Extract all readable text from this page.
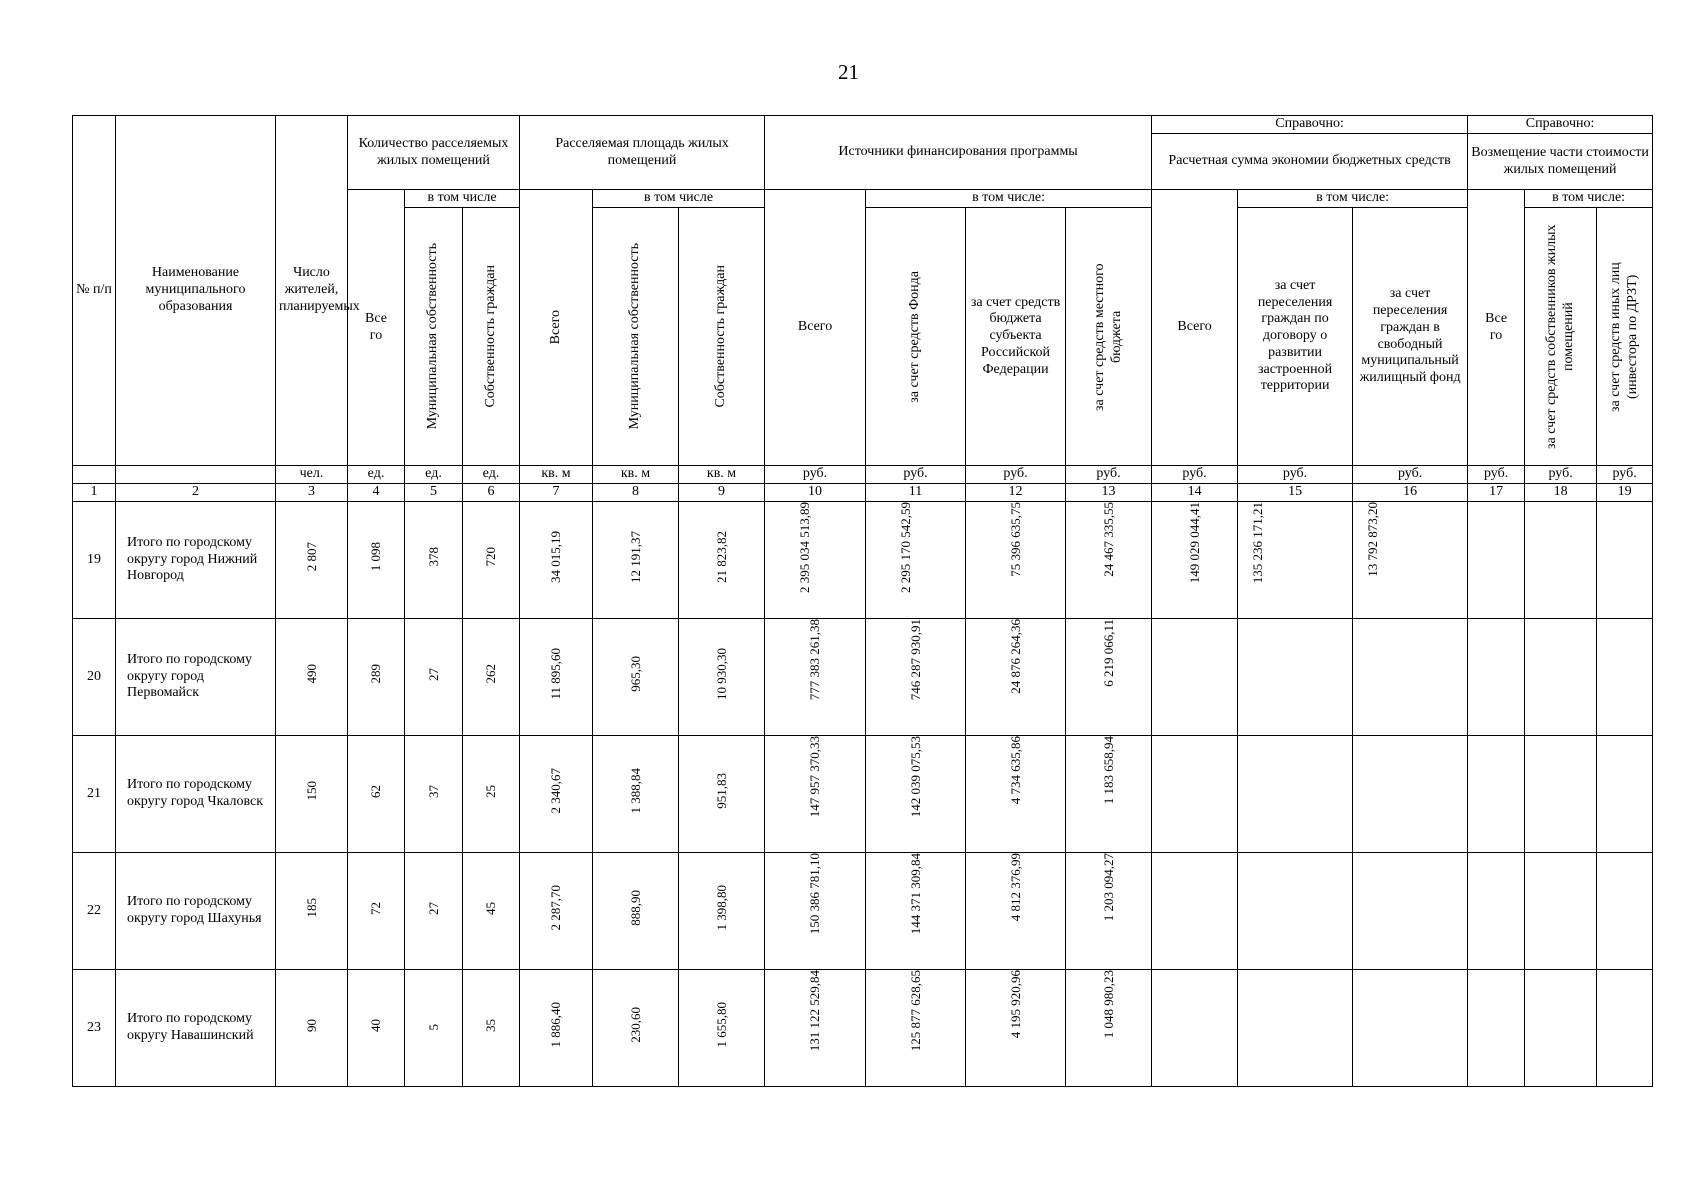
21
№ п/п	Наименование муниципального образования	Число жителей, планируемых	Количество расселяемых жилых помещений			Расселяемая площадь жилых помещений			Источники финансирования программы				Справочно:			Справочно:		
													Расчетная сумма экономии бюджетных средств			Возмещение части стоимости жилых помещений		

			Всего	в том числе		Всего	в том числе		Всего	в том числе:			Всего	в том числе:		Всего	в том числе:	

				Муниципальная собственность	Собственность граждан		Муниципальная собственность	Собственность граждан		за счет средств Фонда	за счет средств бюджета субъекта Российской Федерации	за счет средств местного бюджета		за счет переселения граждан по договору о развитии застроенной территории	за счет переселения граждан в свободный муниципальный жилищный фонд		за счет средств собственников жилых помещений	за счет средств иных лиц (инвестора по ДРЗТ)

		чел.	ед.	ед.	ед.	кв. м	кв. м	кв. м	руб.	руб.	руб.	руб.	руб.	руб.	руб.	руб.	руб.	руб.
1	2	3	4	5	6	7	8	9	10	11	12	13	14	15	16	17	18	19
19	Итого по городскому округу город Нижний Новгород	2 807	1 098	378	720	34 015,19	12 191,37	21 823,82	2 395 034 513,89	2 295 170 542,59	75 396 635,75	24 467 335,55	149 029 044,41	135 236 171,21	13 792 873,20			
20	Итого по городскому округу город Первомайск	490	289	27	262	11 895,60	965,30	10 930,30	777 383 261,38	746 287 930,91	24 876 264,36	6 219 066,11						
21	Итого по городскому округу город Чкаловск	150	62	37	25	2 340,67	1 388,84	951,83	147 957 370,33	142 039 075,53	4 734 635,86	1 183 658,94						
22	Итого по городскому округу город Шахунья	185	72	27	45	2 287,70	888,90	1 398,80	150 386 781,10	144 371 309,84	4 812 376,99	1 203 094,27						
23	Итого по городскому округу Навашинский	90	40	5	35	1 886,40	230,60	1 655,80	131 122 529,84	125 877 628,65	4 195 920,96	1 048 980,23						
